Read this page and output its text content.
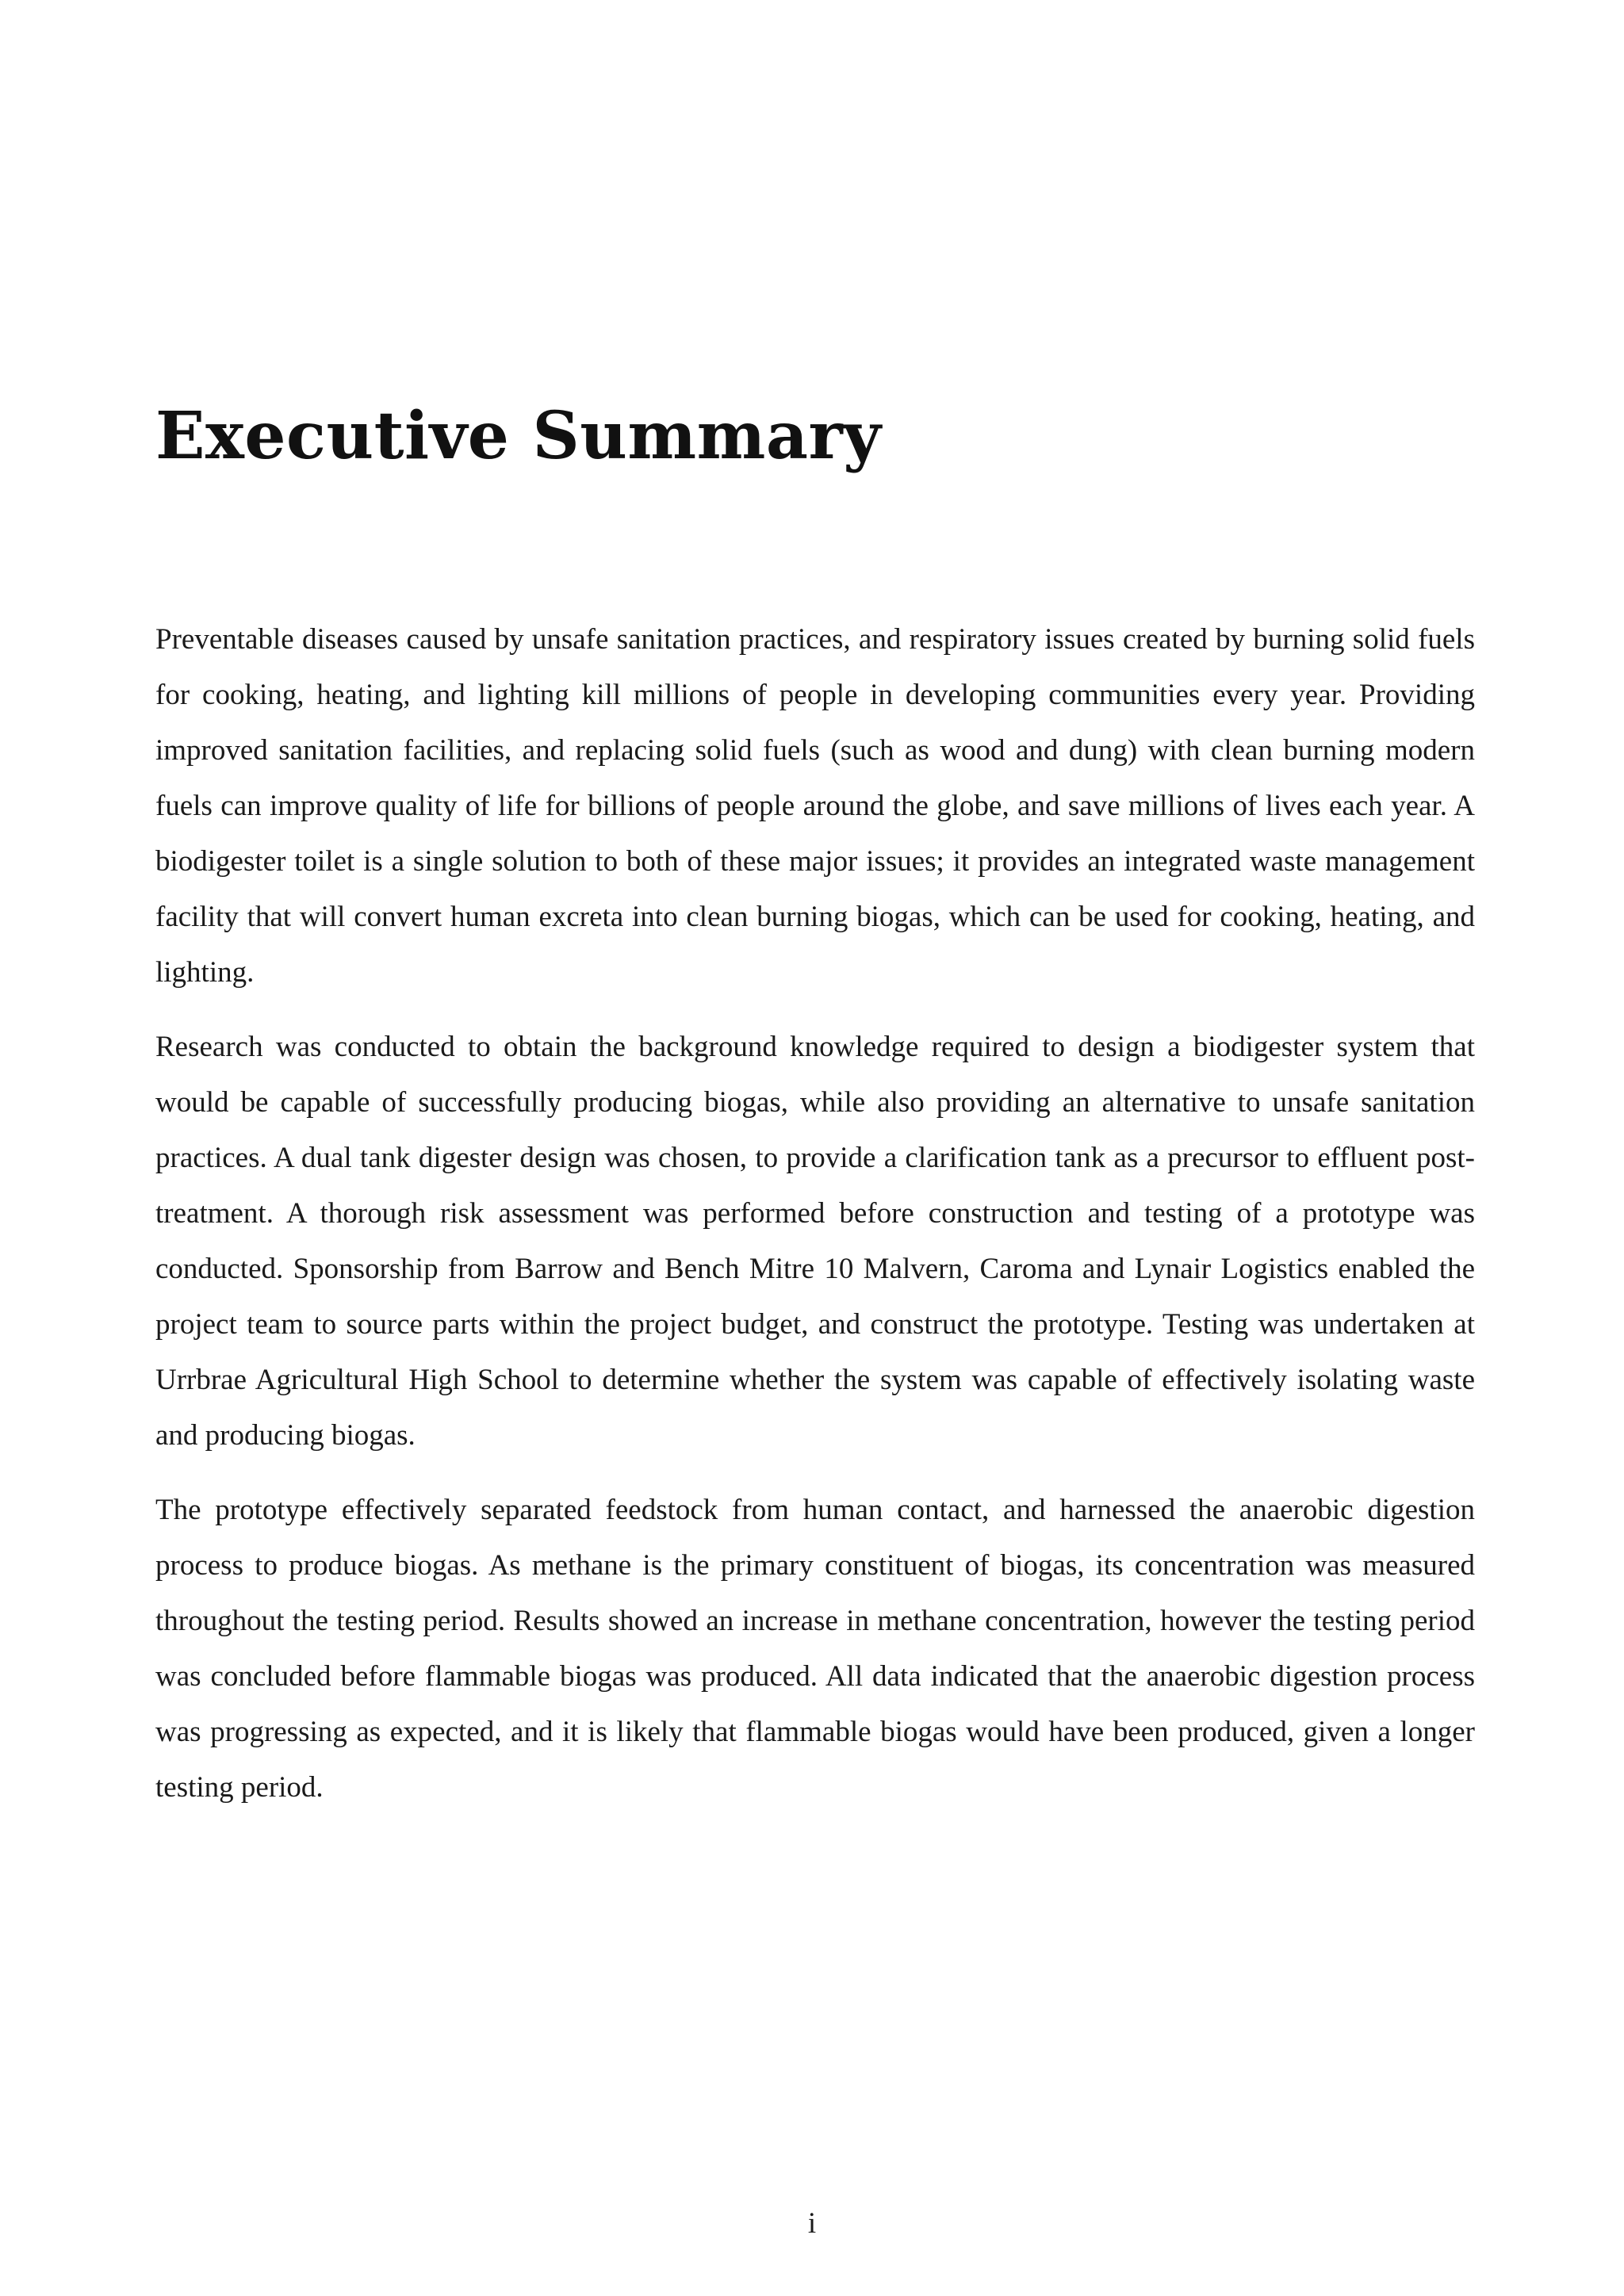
Executive Summary

Preventable diseases caused by unsafe sanitation practices, and respiratory issues created by burning solid fuels for cooking, heating, and lighting kill millions of people in developing communities every year. Providing improved sanitation facilities, and replacing solid fuels (such as wood and dung) with clean burning modern fuels can improve quality of life for billions of people around the globe, and save millions of lives each year. A biodigester toilet is a single solution to both of these major issues; it provides an integrated waste management facility that will convert human excreta into clean burning biogas, which can be used for cooking, heating, and lighting.

Research was conducted to obtain the background knowledge required to design a biodigester system that would be capable of successfully producing biogas, while also providing an alternative to unsafe sanitation practices. A dual tank digester design was chosen, to provide a clarification tank as a precursor to effluent post-treatment. A thorough risk assessment was performed before construction and testing of a prototype was conducted. Sponsorship from Barrow and Bench Mitre 10 Malvern, Caroma and Lynair Logistics enabled the project team to source parts within the project budget, and construct the prototype. Testing was undertaken at Urrbrae Agricultural High School to determine whether the system was capable of effectively isolating waste and producing biogas.

The prototype effectively separated feedstock from human contact, and harnessed the anaerobic digestion process to produce biogas. As methane is the primary constituent of biogas, its concentration was measured throughout the testing period. Results showed an increase in methane concentration, however the testing period was concluded before flammable biogas was produced. All data indicated that the anaerobic digestion process was progressing as expected, and it is likely that flammable biogas would have been produced, given a longer testing period.

i
